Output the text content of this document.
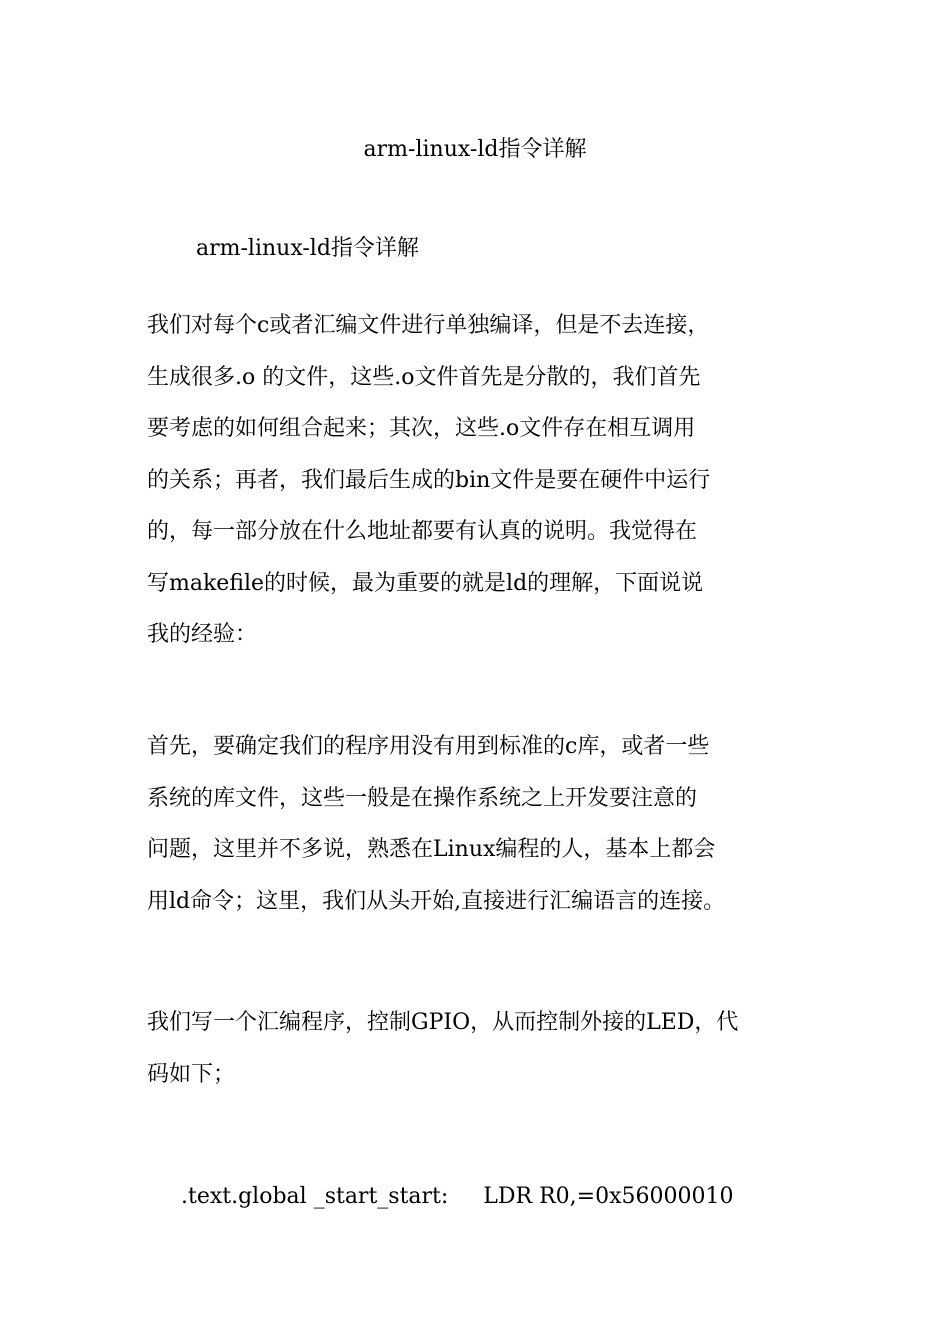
arm-linux-ld指令详解
arm-linux-ld指令详解
我们对每个c或者汇编文件进行单独编译，但是不去连接，
生成很多.o 的文件，这些.o文件首先是分散的，我们首先
要考虑的如何组合起来；其次，这些.o文件存在相互调用
的关系；再者，我们最后生成的bin文件是要在硬件中运行
的，每一部分放在什么地址都要有认真的说明。我觉得在
写makefile的时候，最为重要的就是ld的理解，下面说说
我的经验：
首先，要确定我们的程序用没有用到标准的c库，或者一些
系统的库文件，这些一般是在操作系统之上开发要注意的
问题，这里并不多说，熟悉在Linux编程的人，基本上都会
用ld命令；这里，我们从头开始,直接进行汇编语言的连接。
我们写一个汇编程序，控制GPIO，从而控制外接的LED，代
码如下；
.text.global _start_start:     LDR R0,=0x56000010
